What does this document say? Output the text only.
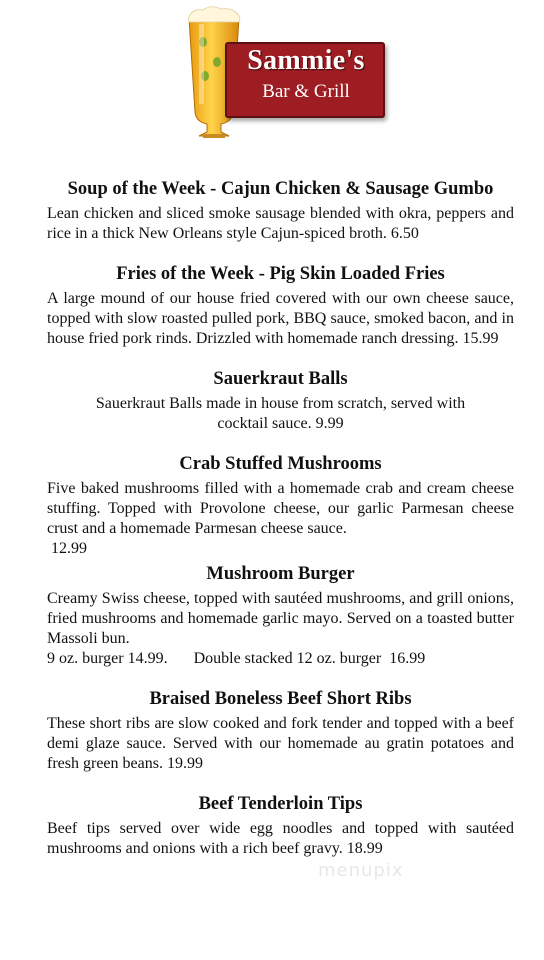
Sammie's
Bar & Grill
Soup of the Week - Cajun Chicken & Sausage Gumbo

Lean chicken and sliced smoke sausage blended with okra, peppers and rice in a thick New Orleans style Cajun-spiced broth. 6.50

Fries of the Week - Pig Skin Loaded Fries

A large mound of our house fried covered with our own cheese sauce, topped with slow roasted pulled pork, BBQ sauce, smoked bacon, and in house fried pork rinds. Drizzled with homemade ranch dressing. 15.99

Sauerkraut Balls

Sauerkraut Balls made in house from scratch, served with cocktail sauce. 9.99

Crab Stuffed Mushrooms

Five baked mushrooms filled with a homemade crab and cream cheese stuffing. Topped with Provolone cheese, our garlic Parmesan cheese crust and a homemade Parmesan cheese sauce.

12.99
Mushroom Burger

Creamy Swiss cheese, topped with sautéed mushrooms, and grill onions, fried mushrooms and homemade garlic mayo. Served on a toasted butter Massoli bun.

9 oz. burger 14.99. Double stacked 12 oz. burger  16.99
Braised Boneless Beef Short Ribs

These short ribs are slow cooked and fork tender and topped with a beef demi glaze sauce. Served with our homemade au gratin potatoes and fresh green beans. 19.99

Beef Tenderloin Tips

Beef tips served over wide egg noodles and topped with sautéed mushrooms and onions with a rich beef gravy. 18.99

menupix
